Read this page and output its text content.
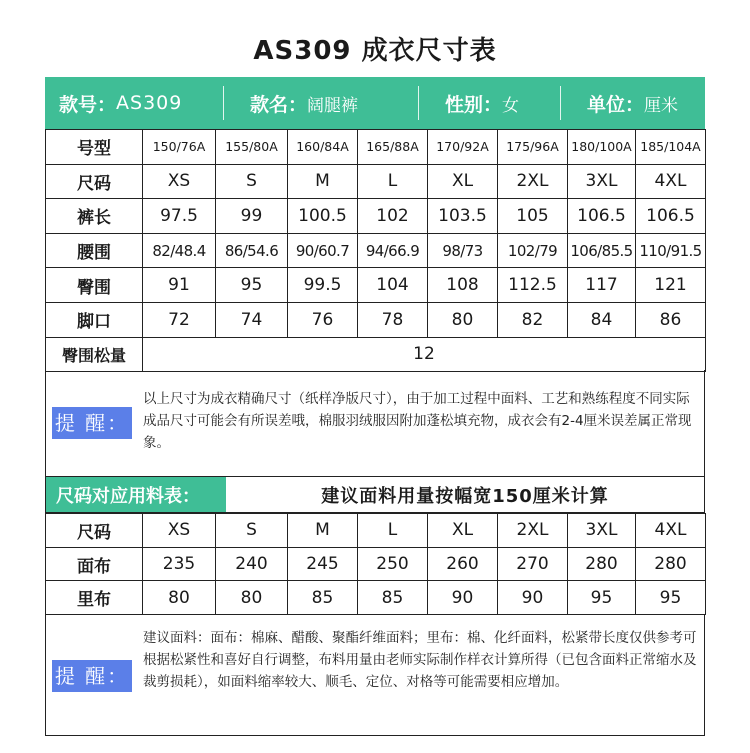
AS309 成衣尺寸表
款号： AS309	款名： 阔腿裤	性别： 女	单位： 厘米
号型	150/76A	155/80A	160/84A	165/88A	170/92A	175/96A	180/100A	185/104A
尺码	XS	S	M	L	XL	2XL	3XL	4XL
裤长	97.5	99	100.5	102	103.5	105	106.5	106.5
腰围	82/48.4	86/54.6	90/60.7	94/66.9	98/73	102/79	106/85.5	110/91.5
臀围	91	95	99.5	104	108	112.5	117	121
脚口	72	74	76	78	80	82	84	86
臀围松量	12							
提 醒：
以上尺寸为成衣精确尺寸（纸样净版尺寸），由于加工过程中面料、工艺和熟练程度不同实际成品尺寸可能会有所误差哦，棉服羽绒服因附加蓬松填充物，成衣会有2-4厘米误差属正常现象。
尺码对应用料表：	建议面料用量按幅宽150厘米计算
尺码	XS	S	M	L	XL	2XL	3XL	4XL
面布	235	240	245	250	260	270	280	280
里布	80	80	85	85	90	90	95	95
提 醒：
建议面料：面布：棉麻、醋酸、聚酯纤维面料；里布：棉、化纤面料，松紧带长度仅供参考可根据松紧性和喜好自行调整，布料用量由老师实际制作样衣计算所得（已包含面料正常缩水及裁剪损耗），如面料缩率较大、顺毛、定位、对格等可能需要相应增加。
